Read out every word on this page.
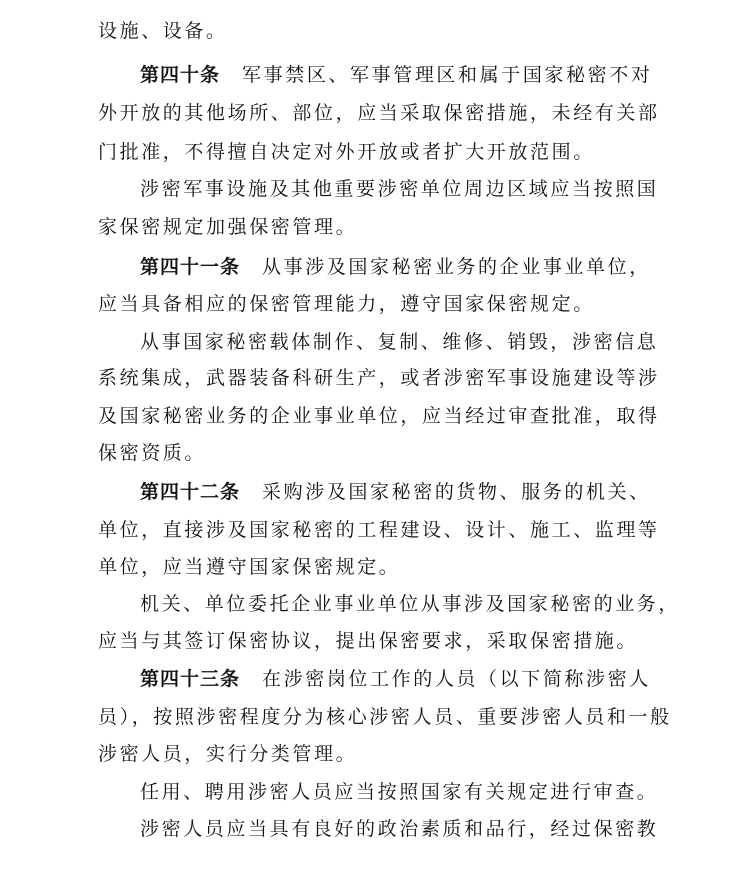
设施、设备。
第四十条 军事禁区、军事管理区和属于国家秘密不对
外开放的其他场所、部位，应当采取保密措施，未经有关部
门批准，不得擅自决定对外开放或者扩大开放范围。
涉密军事设施及其他重要涉密单位周边区域应当按照国
家保密规定加强保密管理。
第四十一条 从事涉及国家秘密业务的企业事业单位，
应当具备相应的保密管理能力，遵守国家保密规定。
从事国家秘密载体制作、复制、维修、销毁，涉密信息
系统集成，武器装备科研生产，或者涉密军事设施建设等涉
及国家秘密业务的企业事业单位，应当经过审查批准，取得
保密资质。
第四十二条 采购涉及国家秘密的货物、服务的机关、
单位，直接涉及国家秘密的工程建设、设计、施工、监理等
单位，应当遵守国家保密规定。
机关、单位委托企业事业单位从事涉及国家秘密的业务，
应当与其签订保密协议，提出保密要求，采取保密措施。
第四十三条 在涉密岗位工作的人员（以下简称涉密人
员），按照涉密程度分为核心涉密人员、重要涉密人员和一般
涉密人员，实行分类管理。
任用、聘用涉密人员应当按照国家有关规定进行审查。
涉密人员应当具有良好的政治素质和品行，经过保密教
